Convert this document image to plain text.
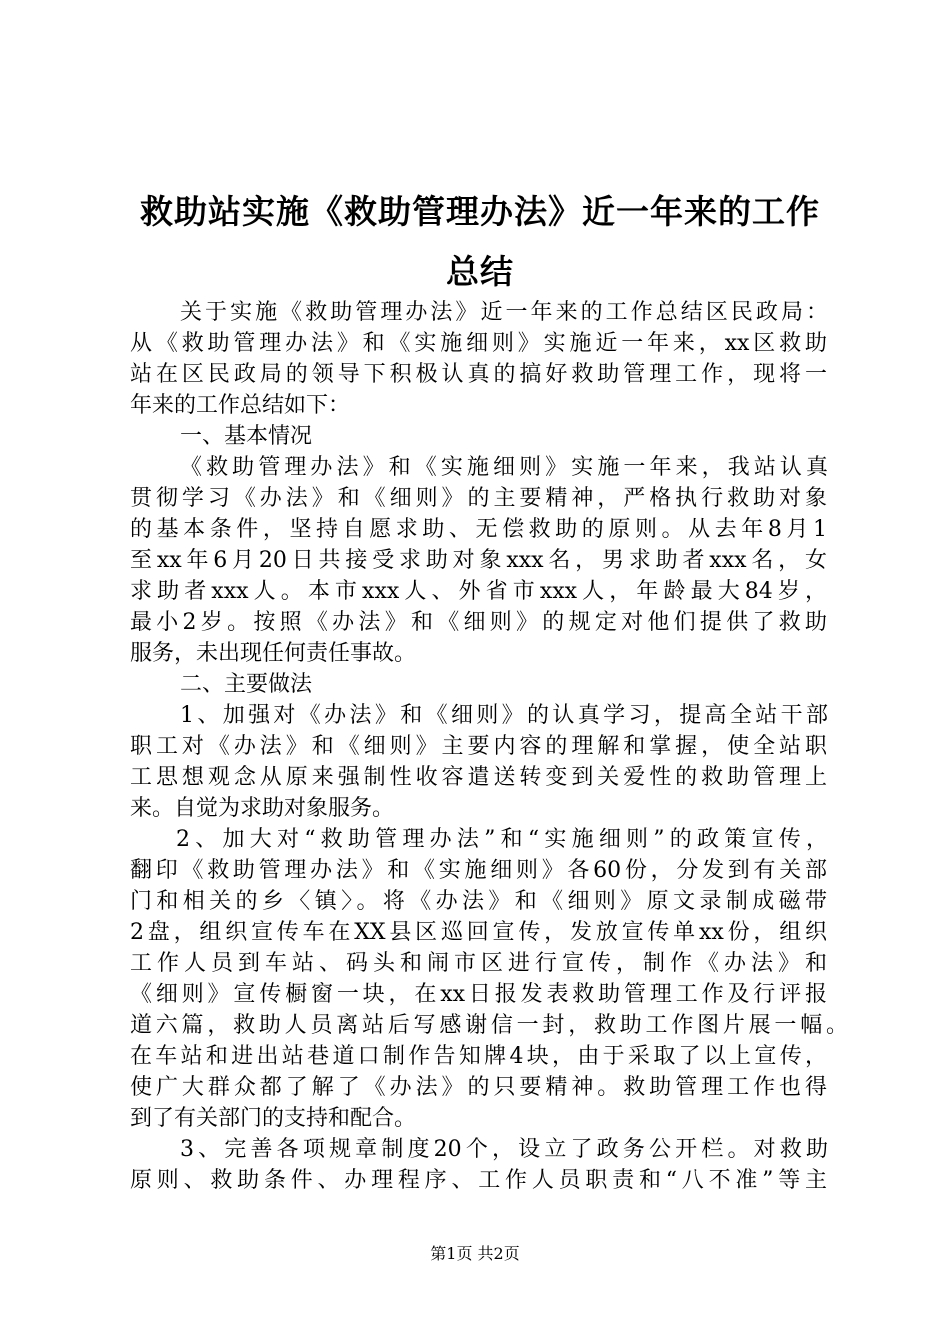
救助站实施《救助管理办法》近一年来的工作
总结
关于实施《救助管理办法》近一年来的工作总结区民政局：
从《救助管理办法》和《实施细则》实施近一年来，xx区救助
站在区民政局的领导下积极认真的搞好救助管理工作，现将一
年来的工作总结如下：
一、基本情况
《救助管理办法》和《实施细则》实施一年来，我站认真
贯彻学习《办法》和《细则》的主要精神，严格执行救助对象
的基本条件，坚持自愿求助、无偿救助的原则。从去年8月1
至xx年6月20日共接受求助对象xxx名，男求助者xxx名，女
求助者xxx人。本市xxx人、外省市xxx人，年龄最大84岁，
最小2岁。按照《办法》和《细则》的规定对他们提供了救助
服务，未出现任何责任事故。
二、主要做法
1、加强对《办法》和《细则》的认真学习，提高全站干部
职工对《办法》和《细则》主要内容的理解和掌握，使全站职
工思想观念从原来强制性收容遣送转变到关爱性的救助管理上
来。自觉为求助对象服务。
2、加大对“救助管理办法”和“实施细则”的政策宣传，
翻印《救助管理办法》和《实施细则》各60份，分发到有关部
门和相关的乡〈镇〉。将《办法》和《细则》原文录制成磁带
2盘，组织宣传车在XX县区巡回宣传，发放宣传单xx份，组织
工作人员到车站、码头和闹市区进行宣传，制作《办法》和
《细则》宣传橱窗一块，在xx日报发表救助管理工作及行评报
道六篇，救助人员离站后写感谢信一封，救助工作图片展一幅。
在车站和进出站巷道口制作告知牌4块，由于采取了以上宣传，
使广大群众都了解了《办法》的只要精神。救助管理工作也得
到了有关部门的支持和配合。
3、完善各项规章制度20个，设立了政务公开栏。对救助
原则、救助条件、办理程序、工作人员职责和“八不准”等主
第1页 共2页
